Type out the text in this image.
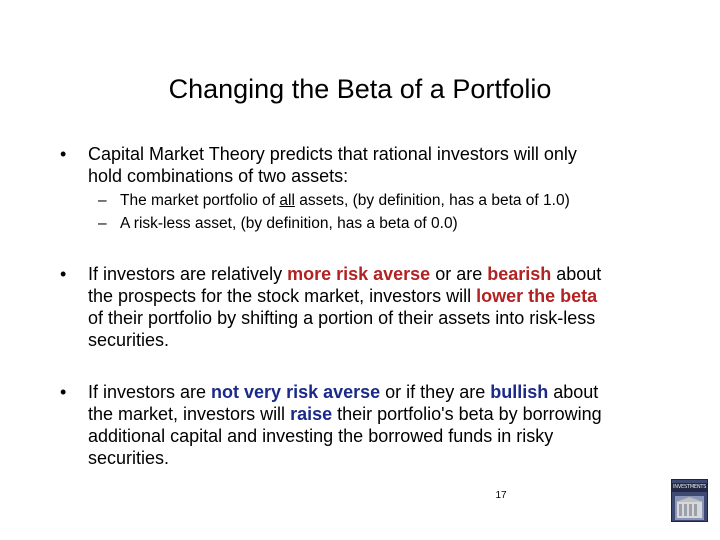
Changing the Beta of a Portfolio
•	Capital Market Theory predicts that rational investors will only
hold combinations of two assets:
– The market portfolio of all assets, (by definition, has a beta of 1.0)
– A risk-less asset, (by definition, has a beta of 0.0)
•	If investors are relatively more risk averse or are bearish about
the prospects for the stock market, investors will lower the beta
of their portfolio by shifting a portion of their assets into risk-less
securities.
•	If investors are not very risk averse or if they are bullish about
the market, investors will raise their portfolio's beta by borrowing
additional capital and investing the borrowed funds in risky
securities.
17
INVESTMENTS
